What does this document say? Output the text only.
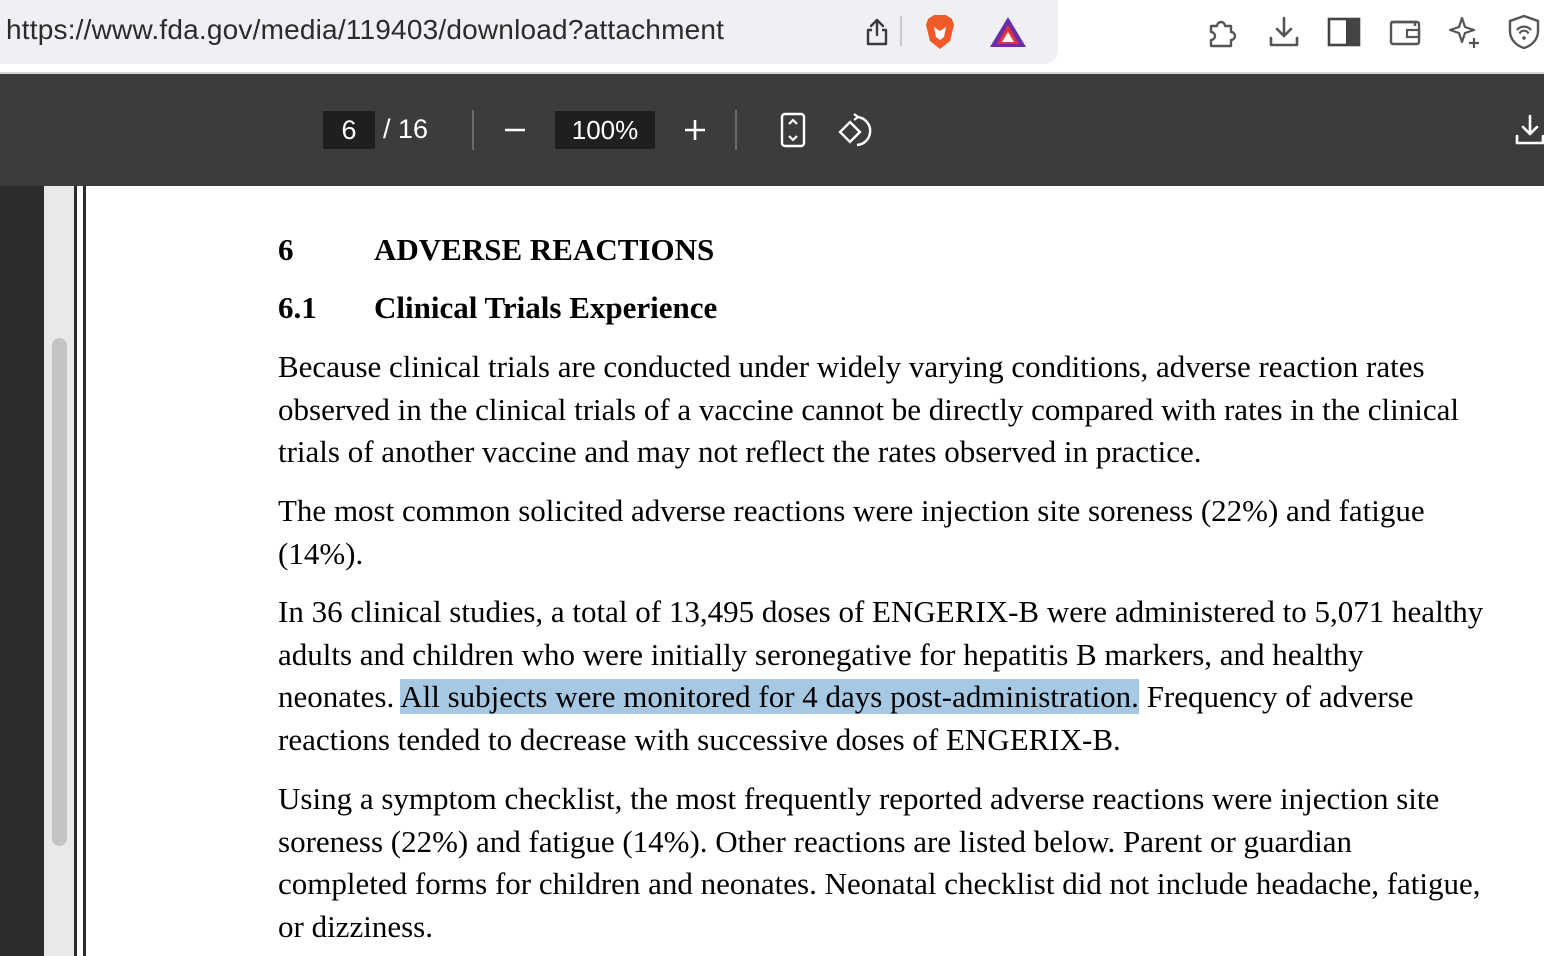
https://www.fda.gov/media/119403/download?attachment
6 / 16	100%
6	ADVERSE REACTIONS
6.1 Clinical Trials Experience
Because clinical trials are conducted under widely varying conditions, adverse reaction rates
observed in the clinical trials of a vaccine cannot be directly compared with rates in the clinical
trials of another vaccine and may not reflect the rates observed in practice.
The most common solicited adverse reactions were injection site soreness (22%) and fatigue
(14%).
In 36 clinical studies, a total of 13,495 doses of ENGERIX-B were administered to 5,071 healthy
adults and children who were initially seronegative for hepatitis B markers, and healthy
neonates. All subjects were monitored for 4 days post-administration. Frequency of adverse
reactions tended to decrease with successive doses of ENGERIX-B.
Using a symptom checklist, the most frequently reported adverse reactions were injection site
soreness (22%) and fatigue (14%). Other reactions are listed below. Parent or guardian
completed forms for children and neonates. Neonatal checklist did not include headache, fatigue,
or dizziness.
